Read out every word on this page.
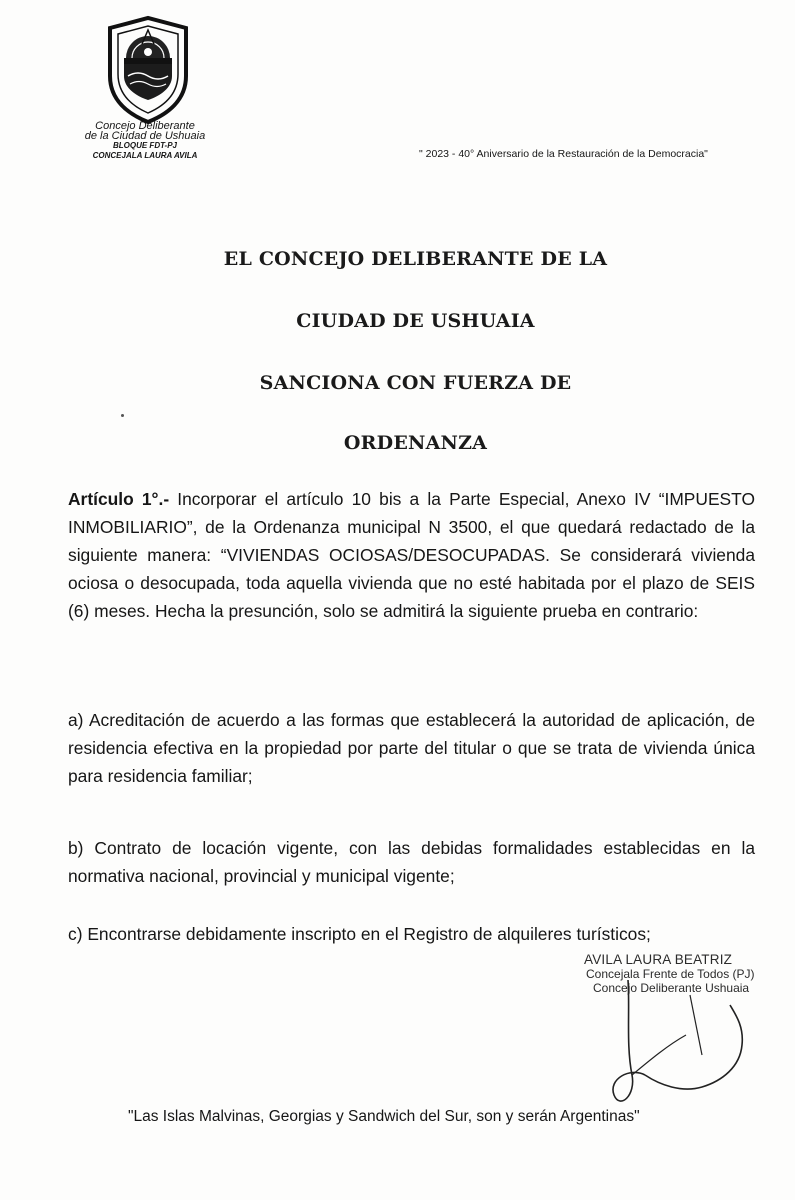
Concejo Deliberante
de la Ciudad de Ushuaia
BLOQUE FDT-PJ
CONCEJALA LAURA AVILA	" 2023 - 40° Aniversario de la Restauración de la Democracia"
EL CONCEJO DELIBERANTE DE LA
CIUDAD DE USHUAIA
SANCIONA CON FUERZA DE
ORDENANZA
Artículo 1°.- Incorporar el artículo 10 bis a la Parte Especial, Anexo IV “IMPUESTO INMOBILIARIO”, de la Ordenanza municipal N 3500, el que quedará redactado de la siguiente manera: “VIVIENDAS OCIOSAS/DESOCUPADAS. Se considerará vivienda ociosa o desocupada, toda aquella vivienda que no esté habitada por el plazo de SEIS (6) meses. Hecha la presunción, solo se admitirá la siguiente prueba en contrario:
a) Acreditación de acuerdo a las formas que establecerá la autoridad de aplicación, de residencia efectiva en la propiedad por parte del titular o que se trata de vivienda única para residencia familiar;
b) Contrato de locación vigente, con las debidas formalidades establecidas en la normativa nacional, provincial y municipal vigente;
c) Encontrarse debidamente inscripto en el Registro de alquileres turísticos;
AVILA LAURA BEATRIZ
Concejala Frente de Todos (PJ)
Concejo Deliberante Ushuaia
"Las Islas Malvinas, Georgias y Sandwich del Sur, son y serán Argentinas"
